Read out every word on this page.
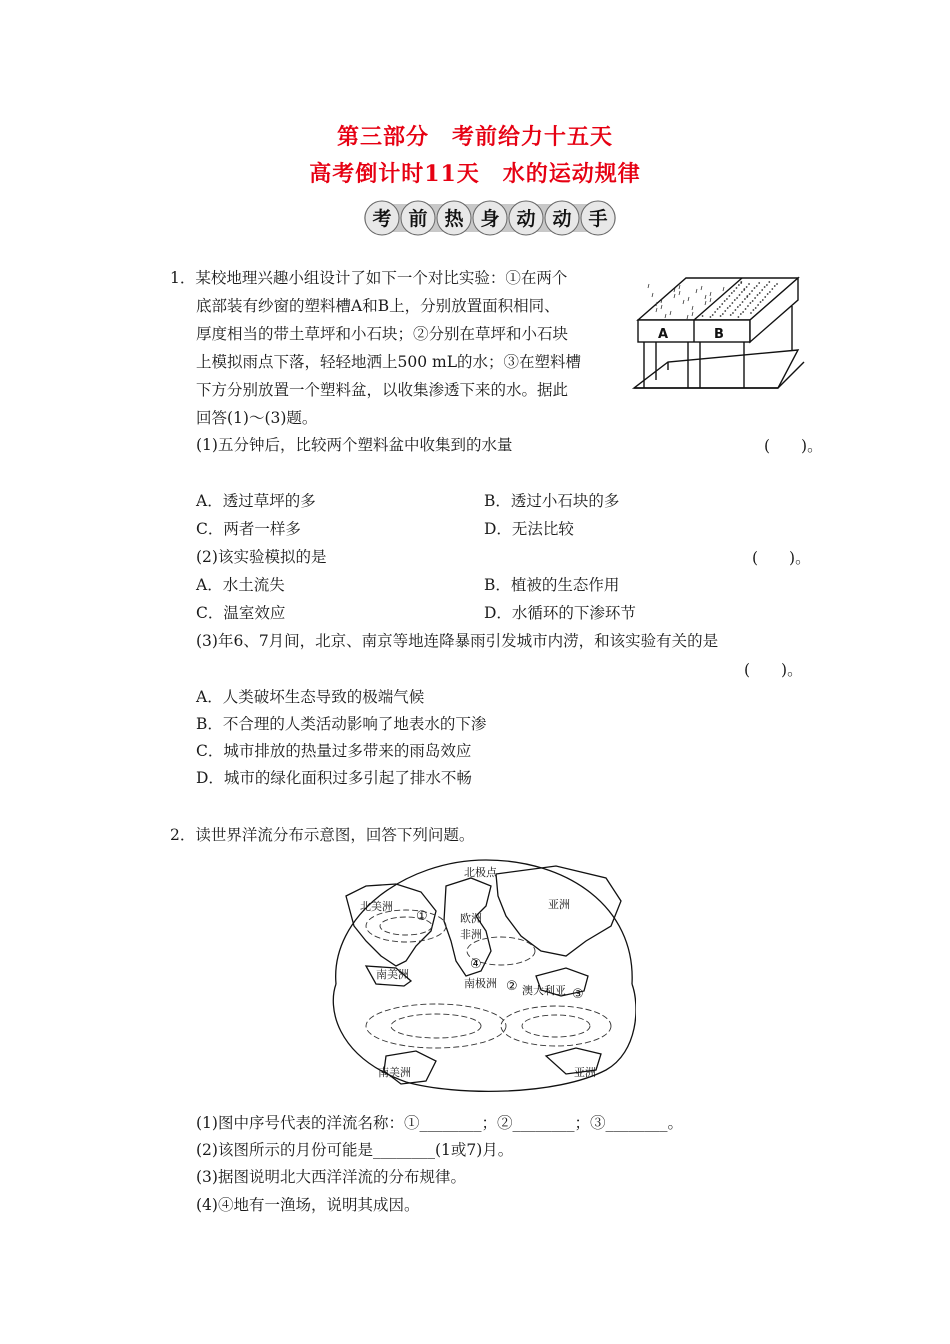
第三部分　考前给力十五天
高考倒计时11天　水的运动规律
考 前 热 身 动 动 手
1．某校地理兴趣小组设计了如下一个对比实验：①在两个
底部装有纱窗的塑料槽A和B上，分别放置面积相同、
厚度相当的带土草坪和小石块；②分别在草坪和小石块
上模拟雨点下落，轻轻地洒上500 mL的水；③在塑料槽
下方分别放置一个塑料盆，以收集渗透下来的水。据此
回答(1)～(3)题。
A	B
(1)五分钟后，比较两个塑料盆中收集到的水量	(　　)。
A．透过草坪的多	B．透过小石块的多
C．两者一样多	D．无法比较
(2)该实验模拟的是	(　　)。
A．水土流失	B．植被的生态作用
C．温室效应	D．水循环的下渗环节
(3)年6、7月间，北京、南京等地连降暴雨引发城市内涝，和该实验有关的是
(　　)。
A．人类破坏生态导致的极端气候
B．不合理的人类活动影响了地表水的下渗
C．城市排放的热量过多带来的雨岛效应
D．城市的绿化面积过多引起了排水不畅
2．读世界洋流分布示意图，回答下列问题。
北极点
北美洲
欧洲
非洲
亚洲
南美洲
南极洲
澳大利亚
南美洲	亚洲
①
②
③
④
(1)图中序号代表的洋流名称：①________；②________；③________。
(2)该图所示的月份可能是________(1或7)月。
(3)据图说明北大西洋洋流的分布规律。
(4)④地有一渔场，说明其成因。
